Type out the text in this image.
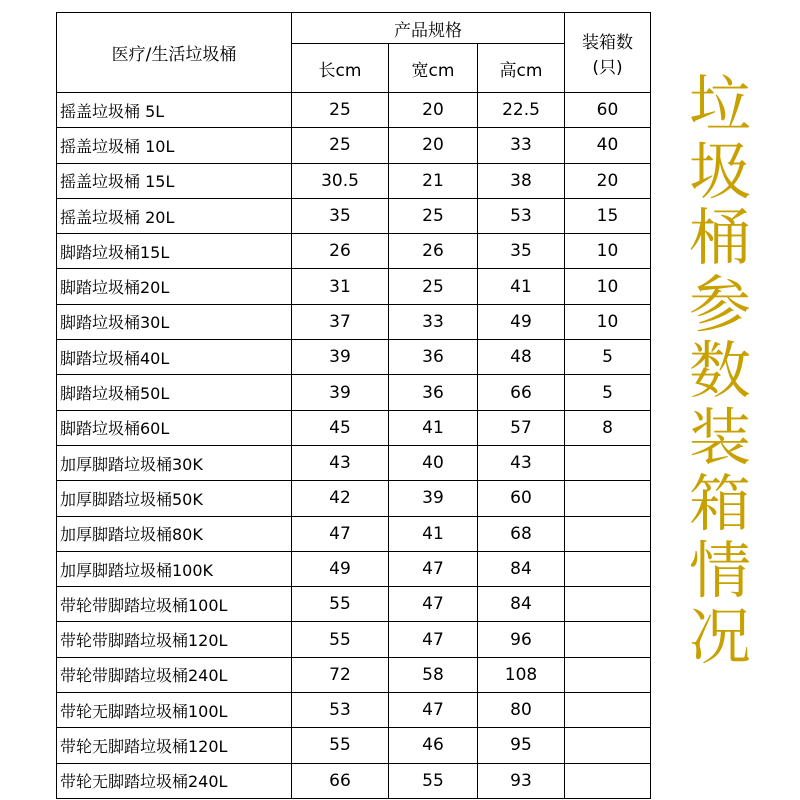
医疗/生活垃圾桶	产品规格			装箱数
(只)

	长cm	宽cm	高cm	
摇盖垃圾桶 5L	25	20	22.5	60
摇盖垃圾桶 10L	25	20	33	40
摇盖垃圾桶 15L	30.5	21	38	20
摇盖垃圾桶 20L	35	25	53	15
脚踏垃圾桶15L	26	26	35	10
脚踏垃圾桶20L	31	25	41	10
脚踏垃圾桶30L	37	33	49	10
脚踏垃圾桶40L	39	36	48	5
脚踏垃圾桶50L	39	36	66	5
脚踏垃圾桶60L	45	41	57	8
加厚脚踏垃圾桶30K	43	40	43	
加厚脚踏垃圾桶50K	42	39	60	
加厚脚踏垃圾桶80K	47	41	68	
加厚脚踏垃圾桶100K	49	47	84	
带轮带脚踏垃圾桶100L	55	47	84	
带轮带脚踏垃圾桶120L	55	47	96	
带轮带脚踏垃圾桶240L	72	58	108	
带轮无脚踏垃圾桶100L	53	47	80	
带轮无脚踏垃圾桶120L	55	46	95	
带轮无脚踏垃圾桶240L	66	55	93	
垃
圾
桶
参
数
装
箱
情
况
